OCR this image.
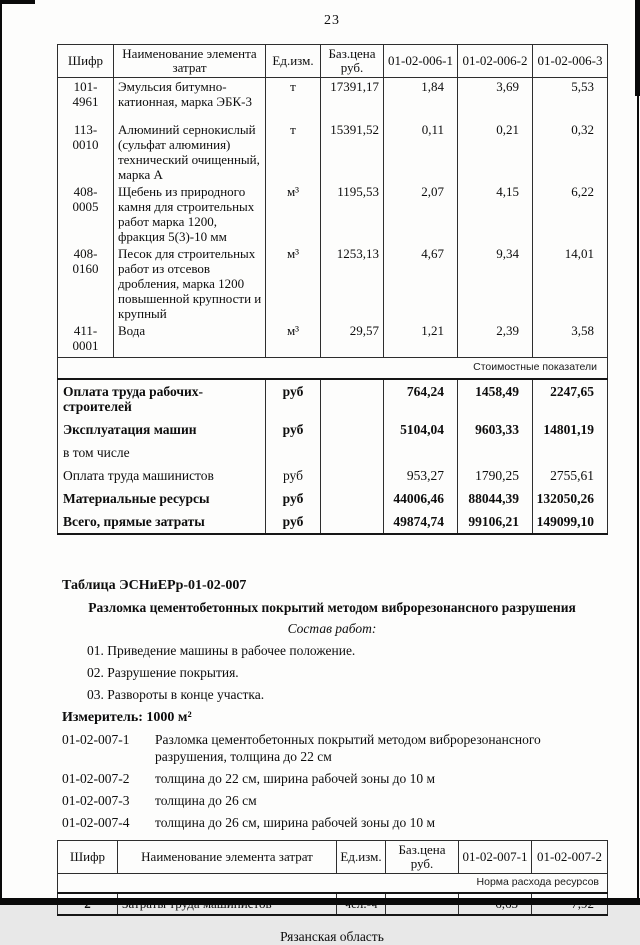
23
Шифр	Наименование элемента затрат	Ед.изм.	Баз.цена руб.	01-02-006-1	01-02-006-2	01-02-006-3
101-4961	Эмульсия битумно-катионная, марка ЭБК-3	т	17391,17	1,84	3,69	5,53
113-0010	Алюминий сернокислый (сульфат алюминия) технический очищенный, марка А	т	15391,52	0,11	0,21	0,32
408-0005	Щебень из природного камня для строительных работ марка 1200, фракция 5(3)-10 мм	м³	1195,53	2,07	4,15	6,22
408-0160	Песок для строительных работ из отсевов дробления, марка 1200 повышенной крупности и крупный	м³	1253,13	4,67	9,34	14,01
411-0001	Вода	м³	29,57	1,21	2,39	3,58
Стоимостные показатели						
Оплата труда рабочих-строителей		руб		764,24	1458,49	2247,65
Эксплуатация машин		руб		5104,04	9603,33	14801,19
в том числе						
Оплата труда машинистов		руб		953,27	1790,25	2755,61
Материальные ресурсы		руб		44006,46	88044,39	132050,26
Всего, прямые затраты		руб		49874,74	99106,21	149099,10
Таблица ЭСНиЕРр-01-02-007
Разломка цементобетонных покрытий методом виброрезонансного разрушения
Состав работ:
01. Приведение машины в рабочее положение.
02. Разрушение покрытия.
03. Развороты в конце участка.
Измеритель: 1000 м²
01-02-007-1	Разломка цементобетонных покрытий методом виброрезонансного разрушения, толщина до 22 см
01-02-007-2	толщина до 22 см, ширина рабочей зоны до 10 м
01-02-007-3	толщина до 26 см
01-02-007-4	толщина до 26 см, ширина рабочей зоны до 10 м
Шифр	Наименование элемента затрат	Ед.изм.	Баз.цена руб.	01-02-007-1	01-02-007-2
Норма расхода ресурсов					

Рязанская область
